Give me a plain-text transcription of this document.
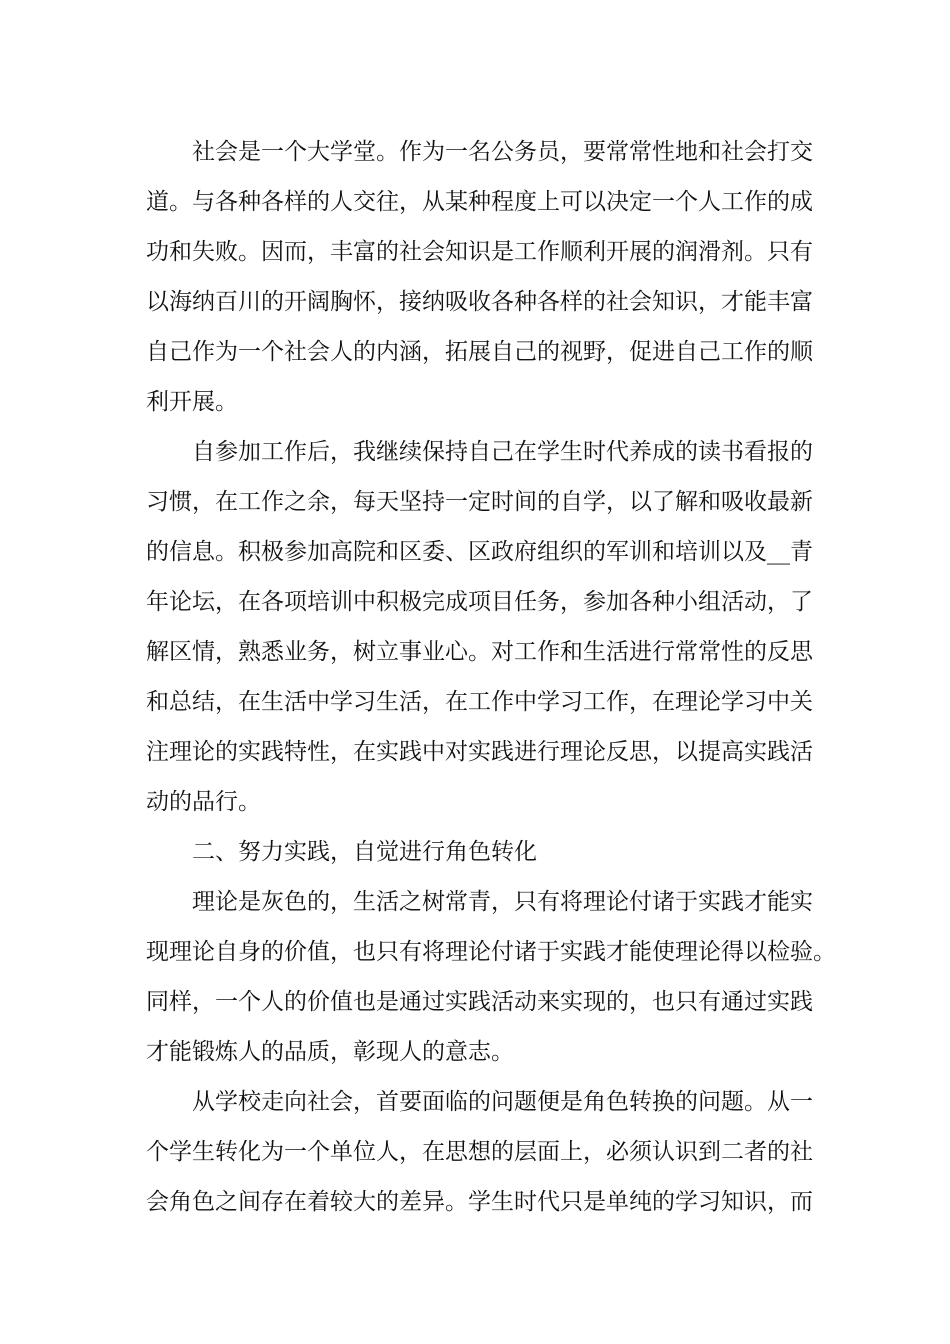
社会是一个大学堂。作为一名公务员，要常常性地和社会打交

道。与各种各样的人交往，从某种程度上可以决定一个人工作的成

功和失败。因而，丰富的社会知识是工作顺利开展的润滑剂。只有

以海纳百川的开阔胸怀，接纳吸收各种各样的社会知识，才能丰富

自己作为一个社会人的内涵，拓展自己的视野，促进自己工作的顺

利开展。

自参加工作后，我继续保持自己在学生时代养成的读书看报的

习惯，在工作之余，每天坚持一定时间的自学，以了解和吸收最新

的信息。积极参加高院和区委、区政府组织的军训和培训以及__青

年论坛，在各项培训中积极完成项目任务，参加各种小组活动，了

解区情，熟悉业务，树立事业心。对工作和生活进行常常性的反思

和总结，在生活中学习生活，在工作中学习工作，在理论学习中关

注理论的实践特性，在实践中对实践进行理论反思，以提高实践活

动的品行。

二、努力实践，自觉进行角色转化

理论是灰色的，生活之树常青，只有将理论付诸于实践才能实

现理论自身的价值，也只有将理论付诸于实践才能使理论得以检验。

同样，一个人的价值也是通过实践活动来实现的，也只有通过实践

才能锻炼人的品质，彰现人的意志。

从学校走向社会，首要面临的问题便是角色转换的问题。从一

个学生转化为一个单位人，在思想的层面上，必须认识到二者的社

会角色之间存在着较大的差异。学生时代只是单纯的学习知识，而
